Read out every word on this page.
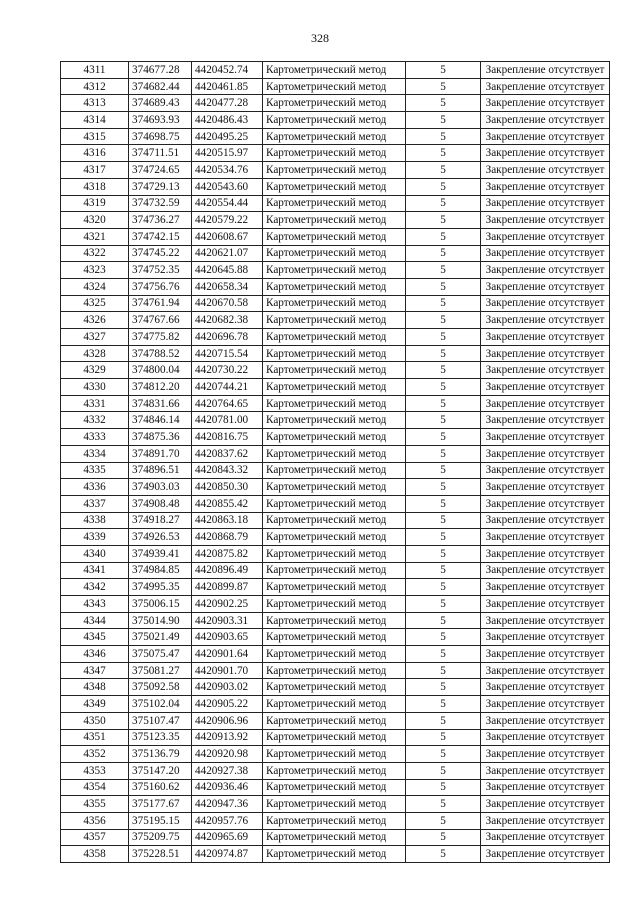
328
4311	374677.28	4420452.74	Картометрический метод	5	Закрепление отсутствует
4312	374682.44	4420461.85	Картометрический метод	5	Закрепление отсутствует
4313	374689.43	4420477.28	Картометрический метод	5	Закрепление отсутствует
4314	374693.93	4420486.43	Картометрический метод	5	Закрепление отсутствует
4315	374698.75	4420495.25	Картометрический метод	5	Закрепление отсутствует
4316	374711.51	4420515.97	Картометрический метод	5	Закрепление отсутствует
4317	374724.65	4420534.76	Картометрический метод	5	Закрепление отсутствует
4318	374729.13	4420543.60	Картометрический метод	5	Закрепление отсутствует
4319	374732.59	4420554.44	Картометрический метод	5	Закрепление отсутствует
4320	374736.27	4420579.22	Картометрический метод	5	Закрепление отсутствует
4321	374742.15	4420608.67	Картометрический метод	5	Закрепление отсутствует
4322	374745.22	4420621.07	Картометрический метод	5	Закрепление отсутствует
4323	374752.35	4420645.88	Картометрический метод	5	Закрепление отсутствует
4324	374756.76	4420658.34	Картометрический метод	5	Закрепление отсутствует
4325	374761.94	4420670.58	Картометрический метод	5	Закрепление отсутствует
4326	374767.66	4420682.38	Картометрический метод	5	Закрепление отсутствует
4327	374775.82	4420696.78	Картометрический метод	5	Закрепление отсутствует
4328	374788.52	4420715.54	Картометрический метод	5	Закрепление отсутствует
4329	374800.04	4420730.22	Картометрический метод	5	Закрепление отсутствует
4330	374812.20	4420744.21	Картометрический метод	5	Закрепление отсутствует
4331	374831.66	4420764.65	Картометрический метод	5	Закрепление отсутствует
4332	374846.14	4420781.00	Картометрический метод	5	Закрепление отсутствует
4333	374875.36	4420816.75	Картометрический метод	5	Закрепление отсутствует
4334	374891.70	4420837.62	Картометрический метод	5	Закрепление отсутствует
4335	374896.51	4420843.32	Картометрический метод	5	Закрепление отсутствует
4336	374903.03	4420850.30	Картометрический метод	5	Закрепление отсутствует
4337	374908.48	4420855.42	Картометрический метод	5	Закрепление отсутствует
4338	374918.27	4420863.18	Картометрический метод	5	Закрепление отсутствует
4339	374926.53	4420868.79	Картометрический метод	5	Закрепление отсутствует
4340	374939.41	4420875.82	Картометрический метод	5	Закрепление отсутствует
4341	374984.85	4420896.49	Картометрический метод	5	Закрепление отсутствует
4342	374995.35	4420899.87	Картометрический метод	5	Закрепление отсутствует
4343	375006.15	4420902.25	Картометрический метод	5	Закрепление отсутствует
4344	375014.90	4420903.31	Картометрический метод	5	Закрепление отсутствует
4345	375021.49	4420903.65	Картометрический метод	5	Закрепление отсутствует
4346	375075.47	4420901.64	Картометрический метод	5	Закрепление отсутствует
4347	375081.27	4420901.70	Картометрический метод	5	Закрепление отсутствует
4348	375092.58	4420903.02	Картометрический метод	5	Закрепление отсутствует
4349	375102.04	4420905.22	Картометрический метод	5	Закрепление отсутствует
4350	375107.47	4420906.96	Картометрический метод	5	Закрепление отсутствует
4351	375123.35	4420913.92	Картометрический метод	5	Закрепление отсутствует
4352	375136.79	4420920.98	Картометрический метод	5	Закрепление отсутствует
4353	375147.20	4420927.38	Картометрический метод	5	Закрепление отсутствует
4354	375160.62	4420936.46	Картометрический метод	5	Закрепление отсутствует
4355	375177.67	4420947.36	Картометрический метод	5	Закрепление отсутствует
4356	375195.15	4420957.76	Картометрический метод	5	Закрепление отсутствует
4357	375209.75	4420965.69	Картометрический метод	5	Закрепление отсутствует
4358	375228.51	4420974.87	Картометрический метод	5	Закрепление отсутствует
